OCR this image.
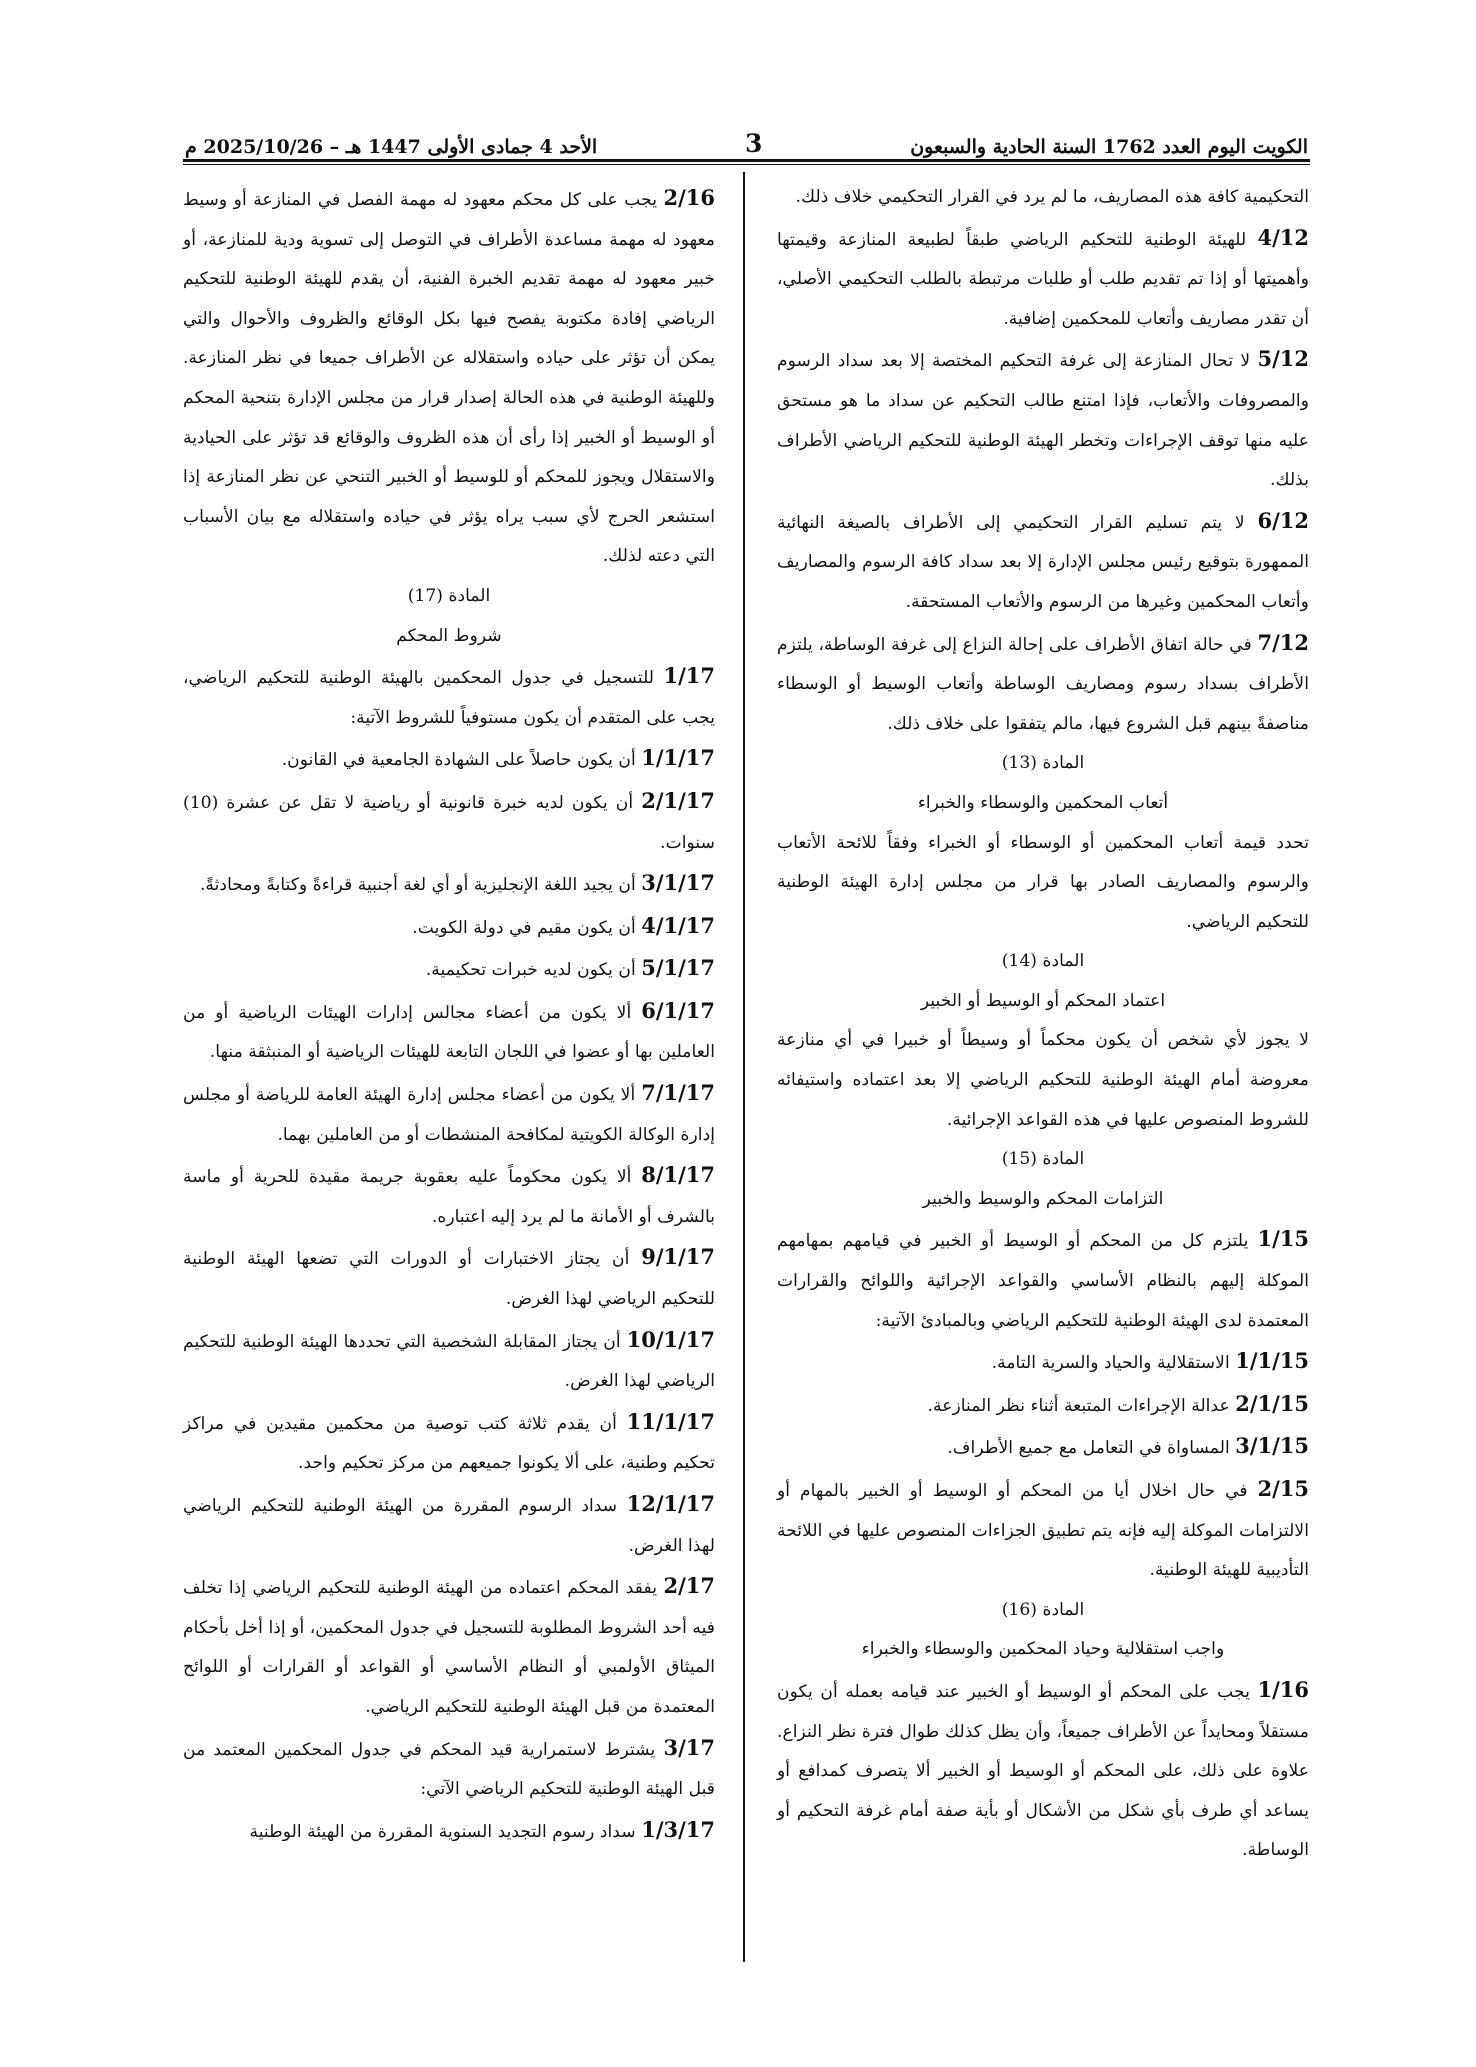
الكويت اليوم العدد 1762 السنة الحادية والسبعون
3
الأحد 4 جمادى الأولى 1447 هـ – 2025/10/26 م

التحكيمية كافة هذه المصاريف، ما لم يرد في القرار التحكيمي خلاف ذلك.

4/12 للهيئة الوطنية للتحكيم الرياضي طبقاً لطبيعة المنازعة وقيمتها وأهميتها أو إذا تم تقديم طلب أو طلبات مرتبطة بالطلب التحكيمي الأصلي، أن تقدر مصاريف وأتعاب للمحكمين إضافية.

5/12 لا تحال المنازعة إلى غرفة التحكيم المختصة إلا بعد سداد الرسوم والمصروفات والأتعاب، فإذا امتنع طالب التحكيم عن سداد ما هو مستحق عليه منها توقف الإجراءات وتخطر الهيئة الوطنية للتحكيم الرياضي الأطراف بذلك.

6/12 لا يتم تسليم القرار التحكيمي إلى الأطراف بالصيغة النهائية الممهورة بتوقيع رئيس مجلس الإدارة إلا بعد سداد كافة الرسوم والمصاريف وأتعاب المحكمين وغيرها من الرسوم والأتعاب المستحقة.

7/12 في حالة اتفاق الأطراف على إحالة النزاع إلى غرفة الوساطة، يلتزم الأطراف بسداد رسوم ومصاريف الوساطة وأتعاب الوسيط أو الوسطاء مناصفةً بينهم قبل الشروع فيها، مالم يتفقوا على خلاف ذلك.

المادة (13)

أتعاب المحكمين والوسطاء والخبراء

تحدد قيمة أتعاب المحكمين أو الوسطاء أو الخبراء وفقاً للائحة الأتعاب والرسوم والمصاريف الصادر بها قرار من مجلس إدارة الهيئة الوطنية للتحكيم الرياضي.

المادة (14)

اعتماد المحكم أو الوسيط أو الخبير

لا يجوز لأي شخص أن يكون محكماً أو وسيطاً أو خبيرا في أي منازعة معروضة أمام الهيئة الوطنية للتحكيم الرياضي إلا بعد اعتماده واستيفائه للشروط المنصوص عليها في هذه القواعد الإجرائية.

المادة (15)

التزامات المحكم والوسيط والخبير

1/15 يلتزم كل من المحكم أو الوسيط أو الخبير في قيامهم بمهامهم الموكلة إليهم بالنظام الأساسي والقواعد الإجرائية واللوائح والقرارات المعتمدة لدى الهيئة الوطنية للتحكيم الرياضي وبالمبادئ الآتية:

1/1/15 الاستقلالية والحياد والسرية التامة.

2/1/15 عدالة الإجراءات المتبعة أثناء نظر المنازعة.

3/1/15 المساواة في التعامل مع جميع الأطراف.

2/15 في حال اخلال أيا من المحكم أو الوسيط أو الخبير بالمهام أو الالتزامات الموكلة إليه فإنه يتم تطبيق الجزاءات المنصوص عليها في اللائحة التأديبية للهيئة الوطنية.

المادة (16)

واجب استقلالية وحياد المحكمين والوسطاء والخبراء

1/16 يجب على المحكم أو الوسيط أو الخبير عند قيامه بعمله أن يكون مستقلاً ومحايداً عن الأطراف جميعاً، وأن يظل كذلك طوال فترة نظر النزاع. علاوة على ذلك، على المحكم أو الوسيط أو الخبير ألا يتصرف كمدافع أو يساعد أي طرف بأي شكل من الأشكال أو بأية صفة أمام غرفة التحكيم أو الوساطة.

2/16 يجب على كل محكم معهود له مهمة الفصل في المنازعة أو وسيط معهود له مهمة مساعدة الأطراف في التوصل إلى تسوية ودية للمنازعة، أو خبير معهود له مهمة تقديم الخبرة الفنية، أن يقدم للهيئة الوطنية للتحكيم الرياضي إفادة مكتوبة يفصح فيها بكل الوقائع والظروف والأحوال والتي يمكن أن تؤثر على حياده واستقلاله عن الأطراف جميعا في نظر المنازعة. وللهيئة الوطنية في هذه الحالة إصدار قرار من مجلس الإدارة بتنحية المحكم أو الوسيط أو الخبير إذا رأى أن هذه الظروف والوقائع قد تؤثر على الحيادية والاستقلال ويجوز للمحكم أو للوسيط أو الخبير التنحي عن نظر المنازعة إذا استشعر الحرج لأي سبب يراه يؤثر في حياده واستقلاله مع بيان الأسباب التي دعته لذلك.

المادة (17)

شروط المحكم

1/17 للتسجيل في جدول المحكمين بالهيئة الوطنية للتحكيم الرياضي، يجب على المتقدم أن يكون مستوفياً للشروط الآتية:

1/1/17 أن يكون حاصلاً على الشهادة الجامعية في القانون.

2/1/17 أن يكون لديه خبرة قانونية أو رياضية لا تقل عن عشرة (10) سنوات.

3/1/17 أن يجيد اللغة الإنجليزية أو أي لغة أجنبية قراءةً وكتابةً ومحادثةً.

4/1/17 أن يكون مقيم في دولة الكويت.

5/1/17 أن يكون لديه خبرات تحكيمية.

6/1/17 ألا يكون من أعضاء مجالس إدارات الهيئات الرياضية أو من العاملين بها أو عضوا في اللجان التابعة للهيئات الرياضية أو المنبثقة منها.

7/1/17 ألا يكون من أعضاء مجلس إدارة الهيئة العامة للرياضة أو مجلس إدارة الوكالة الكويتية لمكافحة المنشطات أو من العاملين بهما.

8/1/17 ألا يكون محكوماً عليه بعقوبة جريمة مقيدة للحرية أو ماسة بالشرف أو الأمانة ما لم يرد إليه اعتباره.

9/1/17 أن يجتاز الاختبارات أو الدورات التي تضعها الهيئة الوطنية للتحكيم الرياضي لهذا الغرض.

10/1/17 أن يجتاز المقابلة الشخصية التي تحددها الهيئة الوطنية للتحكيم الرياضي لهذا الغرض.

11/1/17 أن يقدم ثلاثة كتب توصية من محكمين مقيدين في مراكز تحكيم وطنية، على ألا يكونوا جميعهم من مركز تحكيم واحد.

12/1/17 سداد الرسوم المقررة من الهيئة الوطنية للتحكيم الرياضي لهذا الغرض.

2/17 يفقد المحكم اعتماده من الهيئة الوطنية للتحكيم الرياضي إذا تخلف فيه أحد الشروط المطلوبة للتسجيل في جدول المحكمين، أو إذا أخل بأحكام الميثاق الأولمبي أو النظام الأساسي أو القواعد أو القرارات أو اللوائح المعتمدة من قبل الهيئة الوطنية للتحكيم الرياضي.

3/17 يشترط لاستمرارية قيد المحكم في جدول المحكمين المعتمد من قبل الهيئة الوطنية للتحكيم الرياضي الآتي:

1/3/17 سداد رسوم التجديد السنوية المقررة من الهيئة الوطنية
